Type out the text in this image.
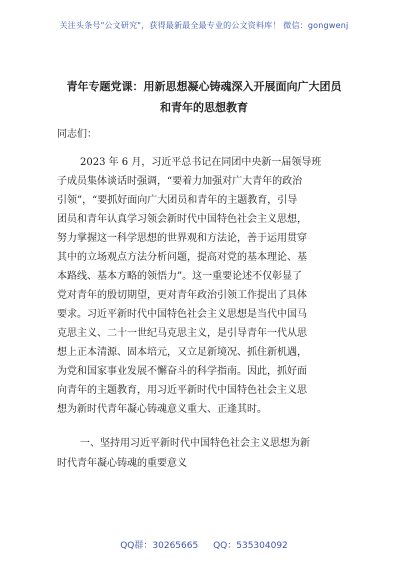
关注头条号"公文研究"，获得最新最全最专业的公文资料库！ 微信：gongwenj
青年专题党课：用新思想凝心铸魂深入开展面向广大团员
和青年的思想教育
同志们：
2023 年 6 月，习近平总书记在同团中央新一届领导班
子成员集体谈话时强调，“要着力加强对广大青年的政治
引领”，“要抓好面向广大团员和青年的主题教育，引导
团员和青年认真学习领会新时代中国特色社会主义思想，
努力掌握这一科学思想的世界观和方法论，善于运用贯穿
其中的立场观点方法分析问题，提高对党的基本理论、基
本路线、基本方略的领悟力”。这一重要论述不仅彰显了
党对青年的殷切期望，更对青年政治引领工作提出了具体
要求。习近平新时代中国特色社会主义思想是当代中国马
克思主义、二十一世纪马克思主义，是引导青年一代从思
想上正本清源、固本培元，又立足新境况、抓住新机遇，
为党和国家事业发展不懈奋斗的科学指南。因此，抓好面
向青年的主题教育，用习近平新时代中国特色社会主义思
想为新时代青年凝心铸魂意义重大、正逢其时。
一、坚持用习近平新时代中国特色社会主义思想为新
时代青年凝心铸魂的重要意义
QQ群：30265665 QQ：535304092
